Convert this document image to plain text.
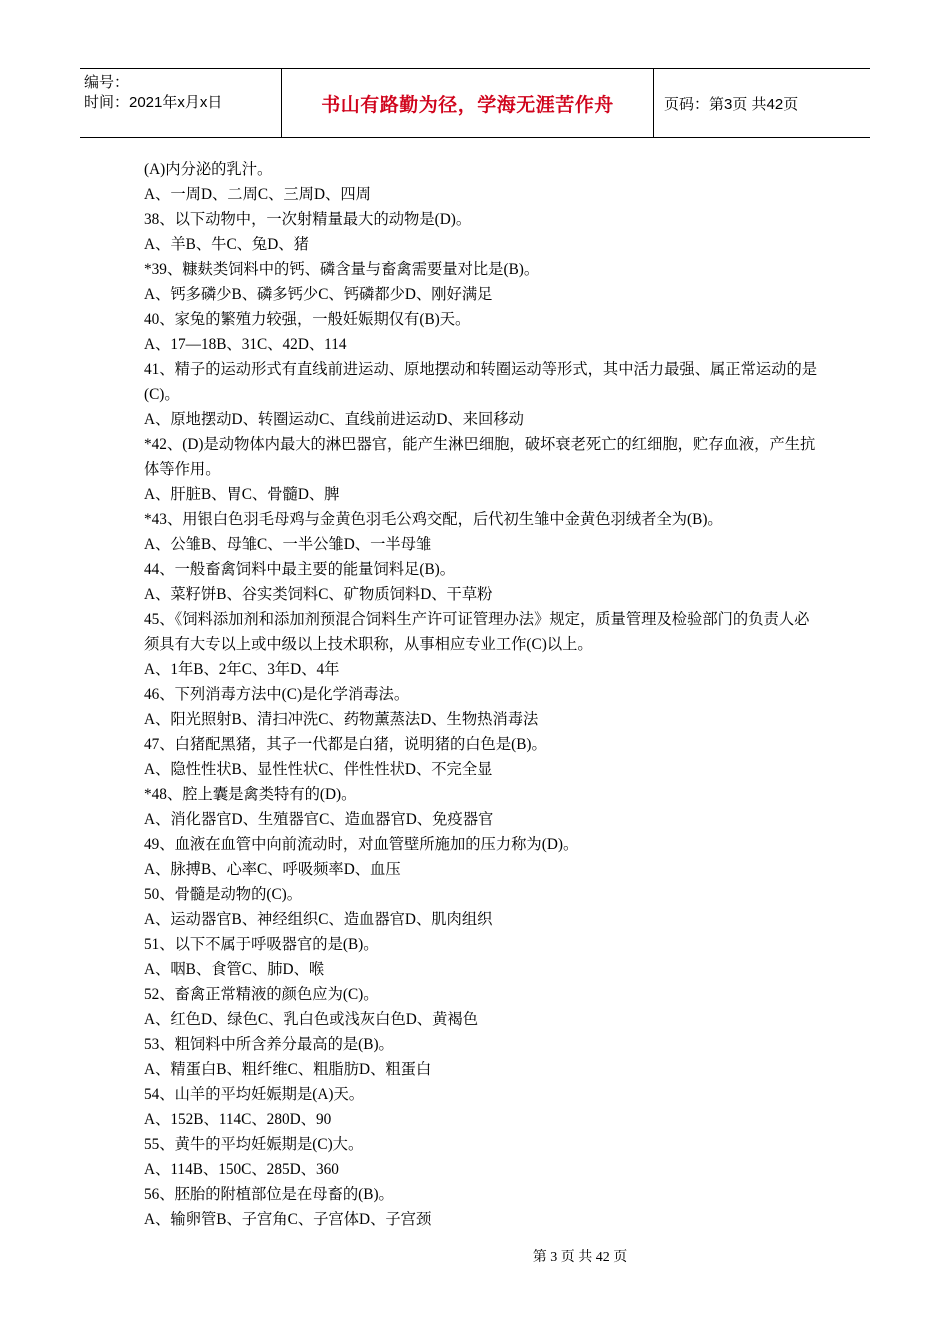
编号：
时间：2021年x月x日	书山有路勤为径，学海无涯苦作舟	页码：第3页 共42页
(A)内分泌的乳汁。
A、一周D、二周C、三周D、四周
38、以下动物中，一次射精量最大的动物是(D)。
A、羊B、牛C、兔D、猪
*39、糠麸类饲料中的钙、磷含量与畜禽需要量对比是(B)。
A、钙多磷少B、磷多钙少C、钙磷都少D、刚好满足
40、家兔的繁殖力较强，一般妊娠期仅有(B)天。
A、17—18B、31C、42D、114
41、精子的运动形式有直线前进运动、原地摆动和转圈运动等形式，其中活力最强、属正常运动的是(C)。
A、原地摆动D、转圈运动C、直线前进运动D、来回移动
*42、(D)是动物体内最大的淋巴器官，能产生淋巴细胞，破坏衰老死亡的红细胞，贮存血液，产生抗体等作用。
A、肝脏B、胃C、骨髓D、脾
*43、用银白色羽毛母鸡与金黄色羽毛公鸡交配，后代初生雏中金黄色羽绒者全为(B)。
A、公雏B、母雏C、一半公雏D、一半母雏
44、一般畜禽饲料中最主要的能量饲料足(B)。
A、菜籽饼B、谷实类饲料C、矿物质饲料D、干草粉
45、《饲料添加剂和添加剂预混合饲料生产许可证管理办法》规定，质量管理及检验部门的负责人必须具有大专以上或中级以上技术职称，从事相应专业工作(C)以上。
A、1年B、2年C、3年D、4年
46、下列消毒方法中(C)是化学消毒法。
A、阳光照射B、清扫冲洗C、药物薰蒸法D、生物热消毒法
47、白猪配黑猪，其子一代都是白猪，说明猪的白色是(B)。
A、隐性性状B、显性性状C、伴性性状D、不完全显
*48、腔上囊是禽类特有的(D)。
A、消化器官D、生殖器官C、造血器官D、免疫器官
49、血液在血管中向前流动时，对血管壁所施加的压力称为(D)。
A、脉搏B、心率C、呼吸频率D、血压
50、骨髓是动物的(C)。
A、运动器官B、神经组织C、造血器官D、肌肉组织
51、以下不属于呼吸器官的是(B)。
A、咽B、食管C、肺D、喉
52、畜禽正常精液的颜色应为(C)。
A、红色D、绿色C、乳白色或浅灰白色D、黄褐色
53、粗饲料中所含养分最高的是(B)。
A、精蛋白B、粗纤维C、粗脂肪D、粗蛋白
54、山羊的平均妊娠期是(A)天。
A、152B、114C、280D、90
55、黄牛的平均妊娠期是(C)大。
A、114B、150C、285D、360
56、胚胎的附植部位是在母畜的(B)。
A、输卵管B、子宫角C、子宫体D、子宫颈
第 3 页 共 42 页
